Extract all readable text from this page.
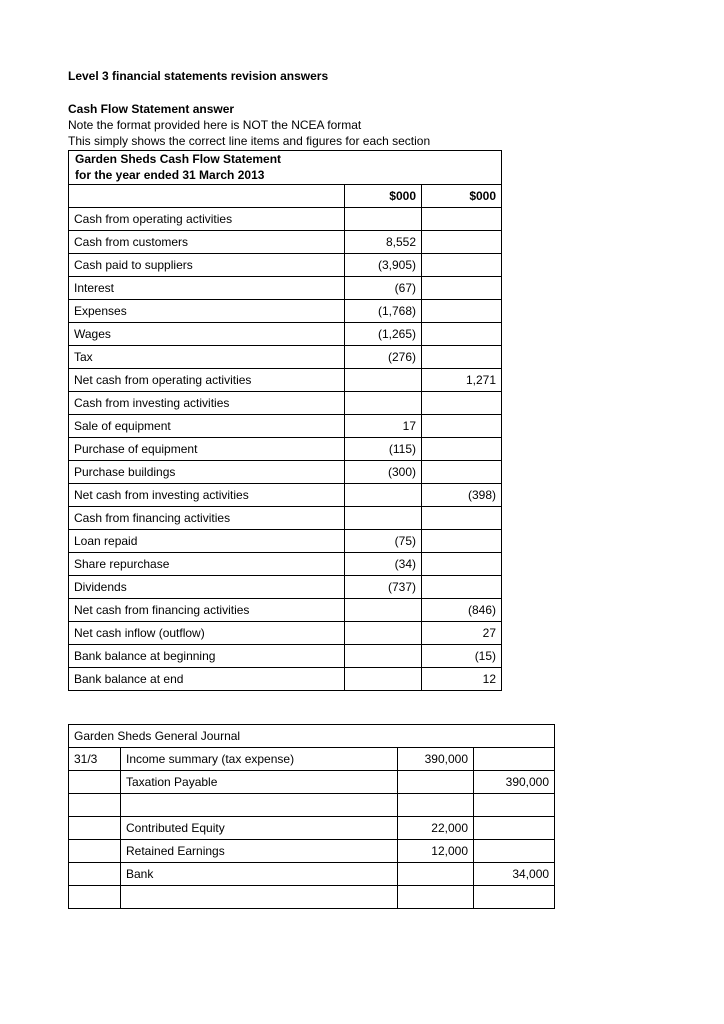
Level 3 financial statements revision answers
Cash Flow Statement answer
Note the format provided here is NOT the NCEA format
This simply shows the correct line items and figures for each section
Garden Sheds Cash Flow Statement
for the year ended 31 March 2013		

	$000	$000
Cash from operating activities		
Cash from customers	8,552	
Cash paid to suppliers	(3,905)	
Interest	(67)	
Expenses	(1,768)	
Wages	(1,265)	
Tax	(276)	
Net cash from operating activities		1,271
Cash from investing activities		
Sale of equipment	17	
Purchase of equipment	(115)	
Purchase buildings	(300)	
Net cash from investing activities		(398)
Cash from financing activities		
Loan repaid	(75)	
Share repurchase	(34)	
Dividends	(737)	
Net cash from financing activities		(846)
Net cash inflow (outflow)		27
Bank balance at beginning		(15)
Bank balance at end		12
Garden Sheds General Journal			
31/3	Income summary (tax expense)	390,000	
	Taxation Payable		390,000

	Contributed Equity	22,000	
	Retained Earnings	12,000	
	Bank		34,000
